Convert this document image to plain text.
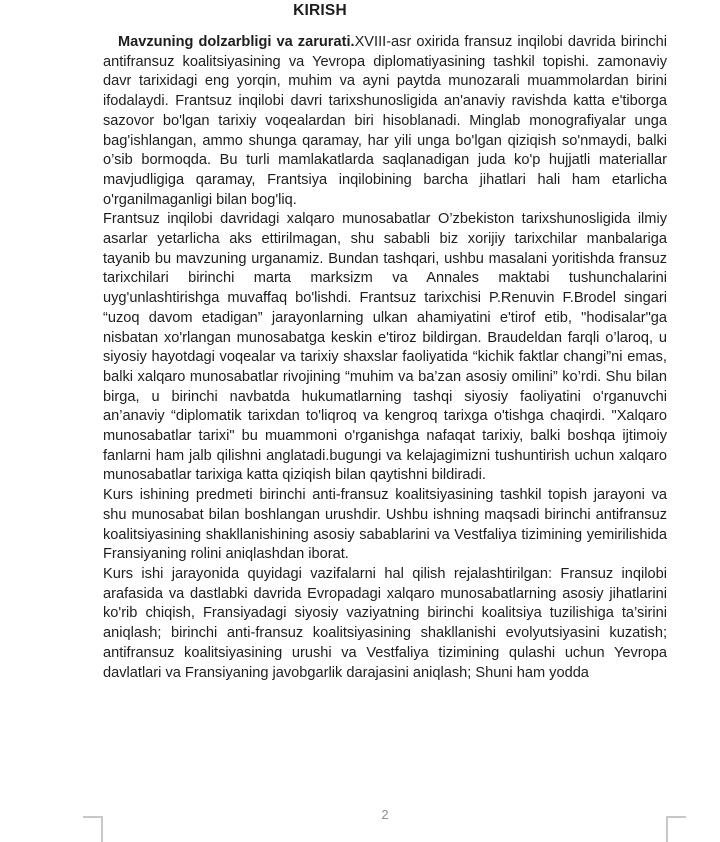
KIRISH

Mavzuning dolzarbligi va zarurati.XVIII-asr oxirida fransuz inqilobi davrida birinchi antifransuz koalitsiyasining va Yevropa diplomatiyasining tashkil topishi. zamonaviy davr tarixidagi eng yorqin, muhim va ayni paytda munozarali muammolardan birini ifodalaydi. Frantsuz inqilobi davri tarixshunosligida an'anaviy ravishda katta e'tiborga sazovor bo'lgan tarixiy voqealardan biri hisoblanadi. Minglab monografiyalar unga bag'ishlangan, ammo shunga qaramay, har yili unga bo'lgan qiziqish so'nmaydi, balki o’sib bormoqda. Bu turli mamlakatlarda saqlanadigan juda ko'p hujjatli materiallar mavjudligiga qaramay, Frantsiya inqilobining barcha jihatlari hali ham etarlicha o'rganilmaganligi bilan bog'liq.

Frantsuz inqilobi davridagi xalqaro munosabatlar O’zbekiston tarixshunosligida ilmiy asarlar yetarlicha aks ettirilmagan, shu sababli biz xorijiy tarixchilar manbalariga tayanib bu mavzuning urganamiz. Bundan tashqari, ushbu masalani yoritishda fransuz tarixchilari birinchi marta marksizm va Annales maktabi tushunchalarini uyg'unlashtirishga muvaffaq bo'lishdi. Frantsuz tarixchisi P.Renuvin F.Brodel singari “uzoq davom etadigan” jarayonlarning ulkan ahamiyatini e'tirof etib, "hodisalar"ga nisbatan xo'rlangan munosabatga keskin e'tiroz bildirgan. Braudeldan farqli o’laroq, u siyosiy hayotdagi voqealar va tarixiy shaxslar faoliyatida “kichik faktlar changi”ni emas, balki xalqaro munosabatlar rivojining “muhim va ba’zan asosiy omilini” ko’rdi. Shu bilan birga, u birinchi navbatda hukumatlarning tashqi siyosiy faoliyatini o'rganuvchi an’anaviy “diplomatik tarixdan to'liqroq va kengroq tarixga o'tishga chaqirdi. "Xalqaro munosabatlar tarixi" bu muammoni o'rganishga nafaqat tarixiy, balki boshqa ijtimoiy fanlarni ham jalb qilishni anglatadi.bugungi va kelajagimizni tushuntirish uchun xalqaro munosabatlar tarixiga katta qiziqish bilan qaytishni bildiradi.

Kurs ishining predmeti birinchi anti-fransuz koalitsiyasining tashkil topish jarayoni va shu munosabat bilan boshlangan urushdir. Ushbu ishning maqsadi birinchi antifransuz koalitsiyasining shakllanishining asosiy sabablarini va Vestfaliya tizimining yemirilishida Fransiyaning rolini aniqlashdan iborat.

Kurs ishi jarayonida quyidagi vazifalarni hal qilish rejalashtirilgan: Fransuz inqilobi arafasida va dastlabki davrida Evropadagi xalqaro munosabatlarning asosiy jihatlarini ko'rib chiqish, Fransiyadagi siyosiy vaziyatning birinchi koalitsiya tuzilishiga ta’sirini aniqlash; birinchi anti-fransuz koalitsiyasining shakllanishi evolyutsiyasini kuzatish; antifransuz koalitsiyasining urushi va Vestfaliya tizimining qulashi uchun Yevropa davlatlari va Fransiyaning javobgarlik darajasini aniqlash; Shuni ham yodda

2
